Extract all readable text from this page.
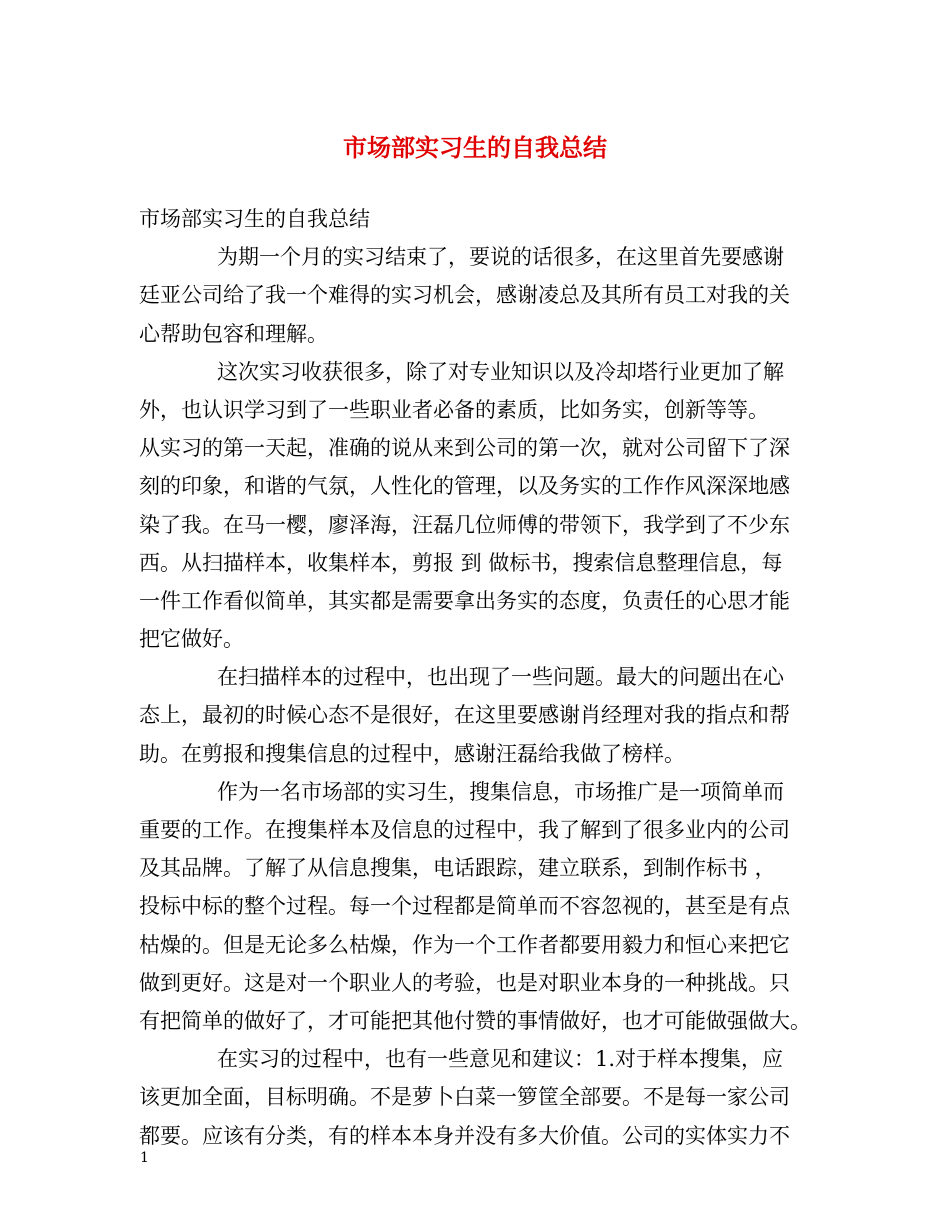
市场部实习生的自我总结
市场部实习生的自我总结
为期一个月的实习结束了，要说的话很多，在这里首先要感谢
廷亚公司给了我一个难得的实习机会，感谢凌总及其所有员工对我的关
心帮助包容和理解。
这次实习收获很多，除了对专业知识以及冷却塔行业更加了解
外，也认识学习到了一些职业者必备的素质，比如务实，创新等等。
从实习的第一天起，准确的说从来到公司的第一次，就对公司留下了深
刻的印象，和谐的气氛，人性化的管理，以及务实的工作作风深深地感
染了我。在马一樱，廖泽海，汪磊几位师傅的带领下，我学到了不少东
西。从扫描样本，收集样本，剪报 到 做标书，搜索信息整理信息，每
一件工作看似简单，其实都是需要拿出务实的态度，负责任的心思才能
把它做好。
在扫描样本的过程中，也出现了一些问题。最大的问题出在心
态上，最初的时候心态不是很好，在这里要感谢肖经理对我的指点和帮
助。在剪报和搜集信息的过程中，感谢汪磊给我做了榜样。
作为一名市场部的实习生，搜集信息，市场推广是一项简单而
重要的工作。在搜集样本及信息的过程中，我了解到了很多业内的公司
及其品牌。了解了从信息搜集，电话跟踪，建立联系，到制作标书 ，
投标中标的整个过程。每一个过程都是简单而不容忽视的，甚至是有点
枯燥的。但是无论多么枯燥，作为一个工作者都要用毅力和恒心来把它
做到更好。这是对一个职业人的考验，也是对职业本身的一种挑战。只
有把简单的做好了，才可能把其他付赞的事情做好，也才可能做强做大。
在实习的过程中，也有一些意见和建议：1.对于样本搜集，应
该更加全面，目标明确。不是萝卜白菜一箩筐全部要。不是每一家公司
都要。应该有分类，有的样本本身并没有多大价值。公司的实体实力不
1
